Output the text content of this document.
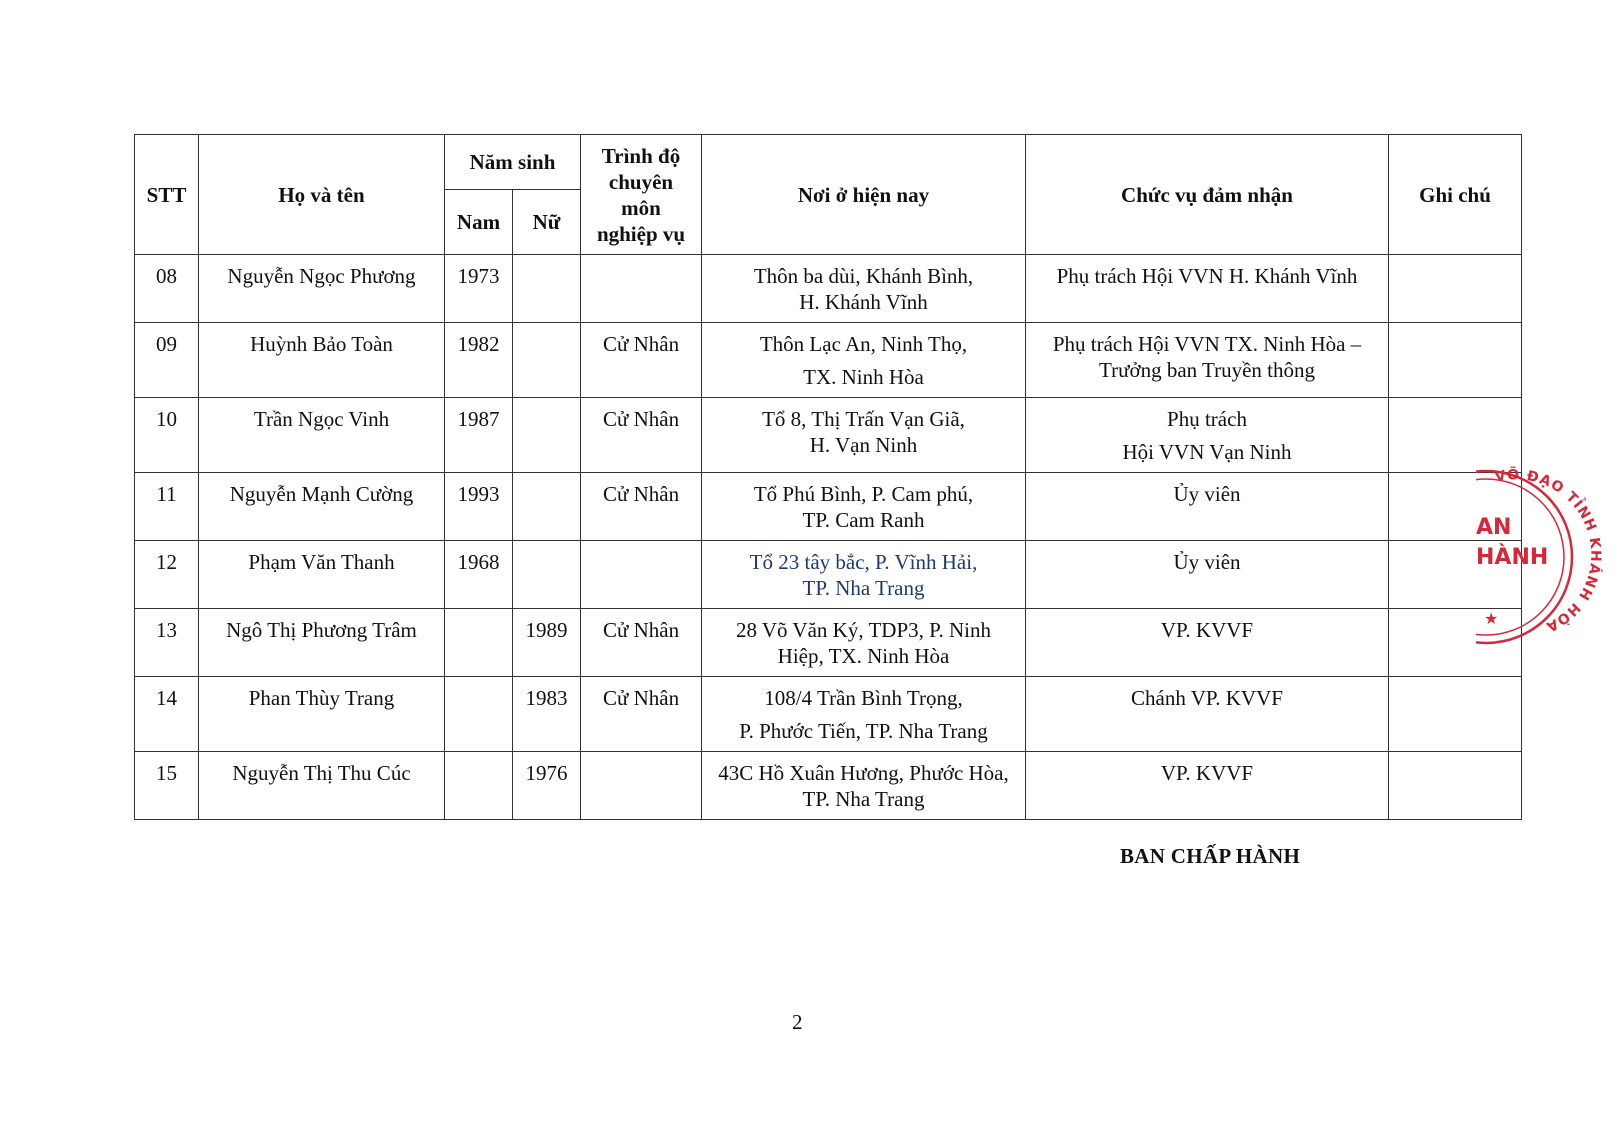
STT	Họ và tên	Năm sinh		Trình độ
chuyên
môn
nghiệp vụ	Nơi ở hiện nay	Chức vụ đảm nhận	Ghi chú
		Nam	Nữ				
08	Nguyễn Ngọc Phương	1973			Thôn ba dùi, Khánh Bình,
H. Khánh Vĩnh	Phụ trách Hội VVN H. Khánh Vĩnh	

09	Huỳnh Bảo Toàn	1982		Cử Nhân	Thôn Lạc An, Ninh Thọ,
TX. Ninh Hòa	Phụ trách Hội VVN TX. Ninh Hòa –
Trưởng ban Truyền thông	

10	Trần Ngọc Vinh	1987		Cử Nhân	Tổ 8, Thị Trấn Vạn Giã,
H. Vạn Ninh	Phụ trách
Hội VVN Vạn Ninh	

11	Nguyễn Mạnh Cường	1993		Cử Nhân	Tổ Phú Bình, P. Cam phú,
TP. Cam Ranh	Ủy viên	

12	Phạm Văn Thanh	1968			Tổ 23 tây bắc, P. Vĩnh Hải,
TP. Nha Trang	Ủy viên	

13	Ngô Thị Phương Trâm		1989	Cử Nhân	28 Võ Văn Ký, TDP3, P. Ninh
Hiệp, TX. Ninh Hòa	VP. KVVF	

14	Phan Thùy Trang		1983	Cử Nhân	108/4 Trần Bình Trọng,
P. Phước Tiến, TP. Nha Trang	Chánh VP. KVVF	

15	Nguyễn Thị Thu Cúc		1976		43C Hồ Xuân Hương, Phước Hòa,
TP. Nha Trang	VP. KVVF	

BAN CHẤP HÀNH
2
VÕ ĐẠO TỈNH KHÁNH HÒA
AN
HÀNH
★
